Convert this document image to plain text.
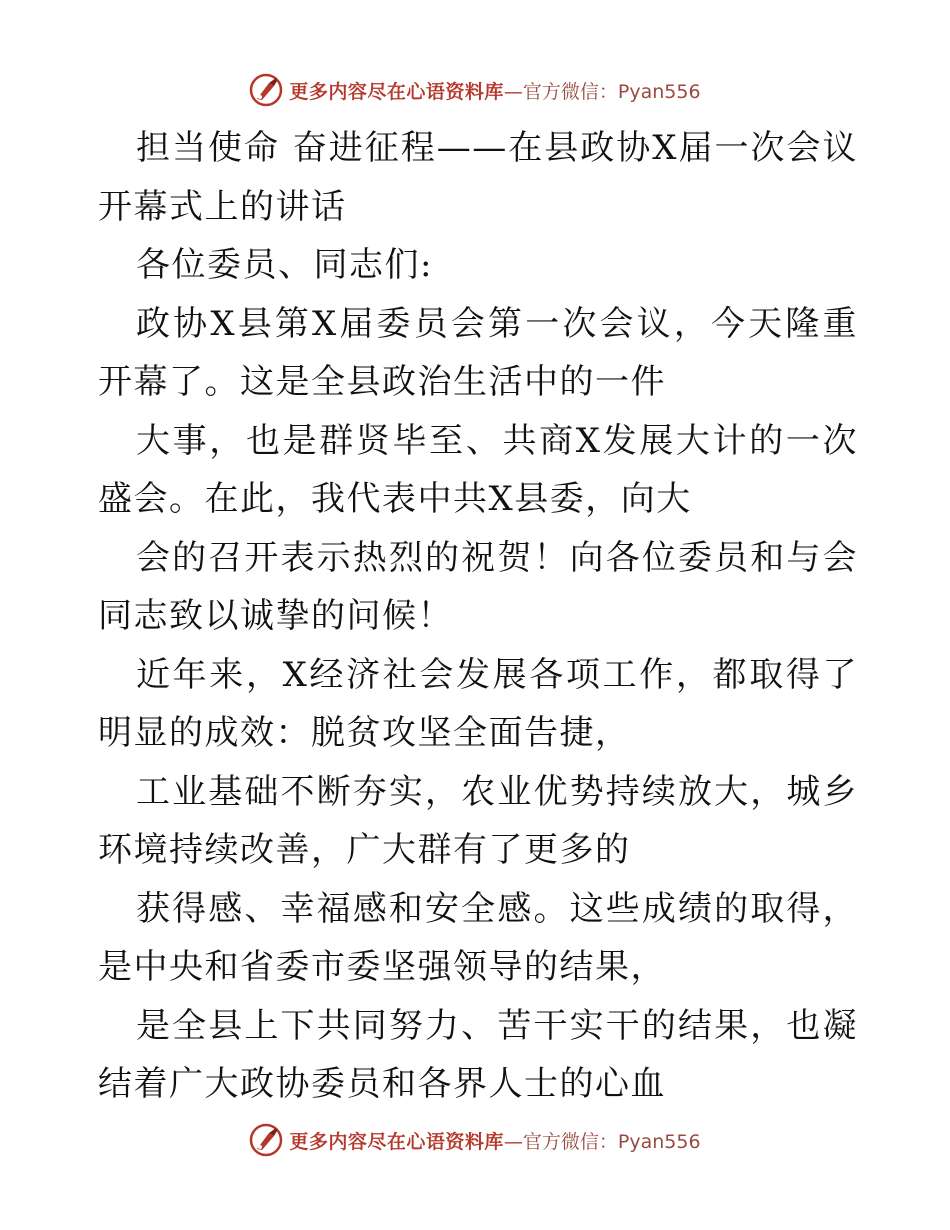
更多内容尽在心语资料库—官方微信：Pyan556

担当使命 奋进征程——在县政协Ⅹ届一次会议开幕式上的讲话

各位委员、同志们:

政协Ⅹ县第Ⅹ届委员会第一次会议，今天隆重开幕了。这是全县政治生活中的一件

大事，也是群贤毕至、共商Ⅹ发展大计的一次盛会。在此，我代表中共Ⅹ县委，向大

会的召开表示热烈的祝贺！向各位委员和与会同志致以诚挚的问候！

近年来，Ⅹ经济社会发展各项工作，都取得了明显的成效：脱贫攻坚全面告捷，

工业基础不断夯实，农业优势持续放大，城乡环境持续改善，广大群有了更多的

获得感、幸福感和安全感。这些成绩的取得，是中央和省委市委坚强领导的结果，

是全县上下共同努力、苦干实干的结果，也凝结着广大政协委员和各界人士的心血

更多内容尽在心语资料库—官方微信：Pyan556
